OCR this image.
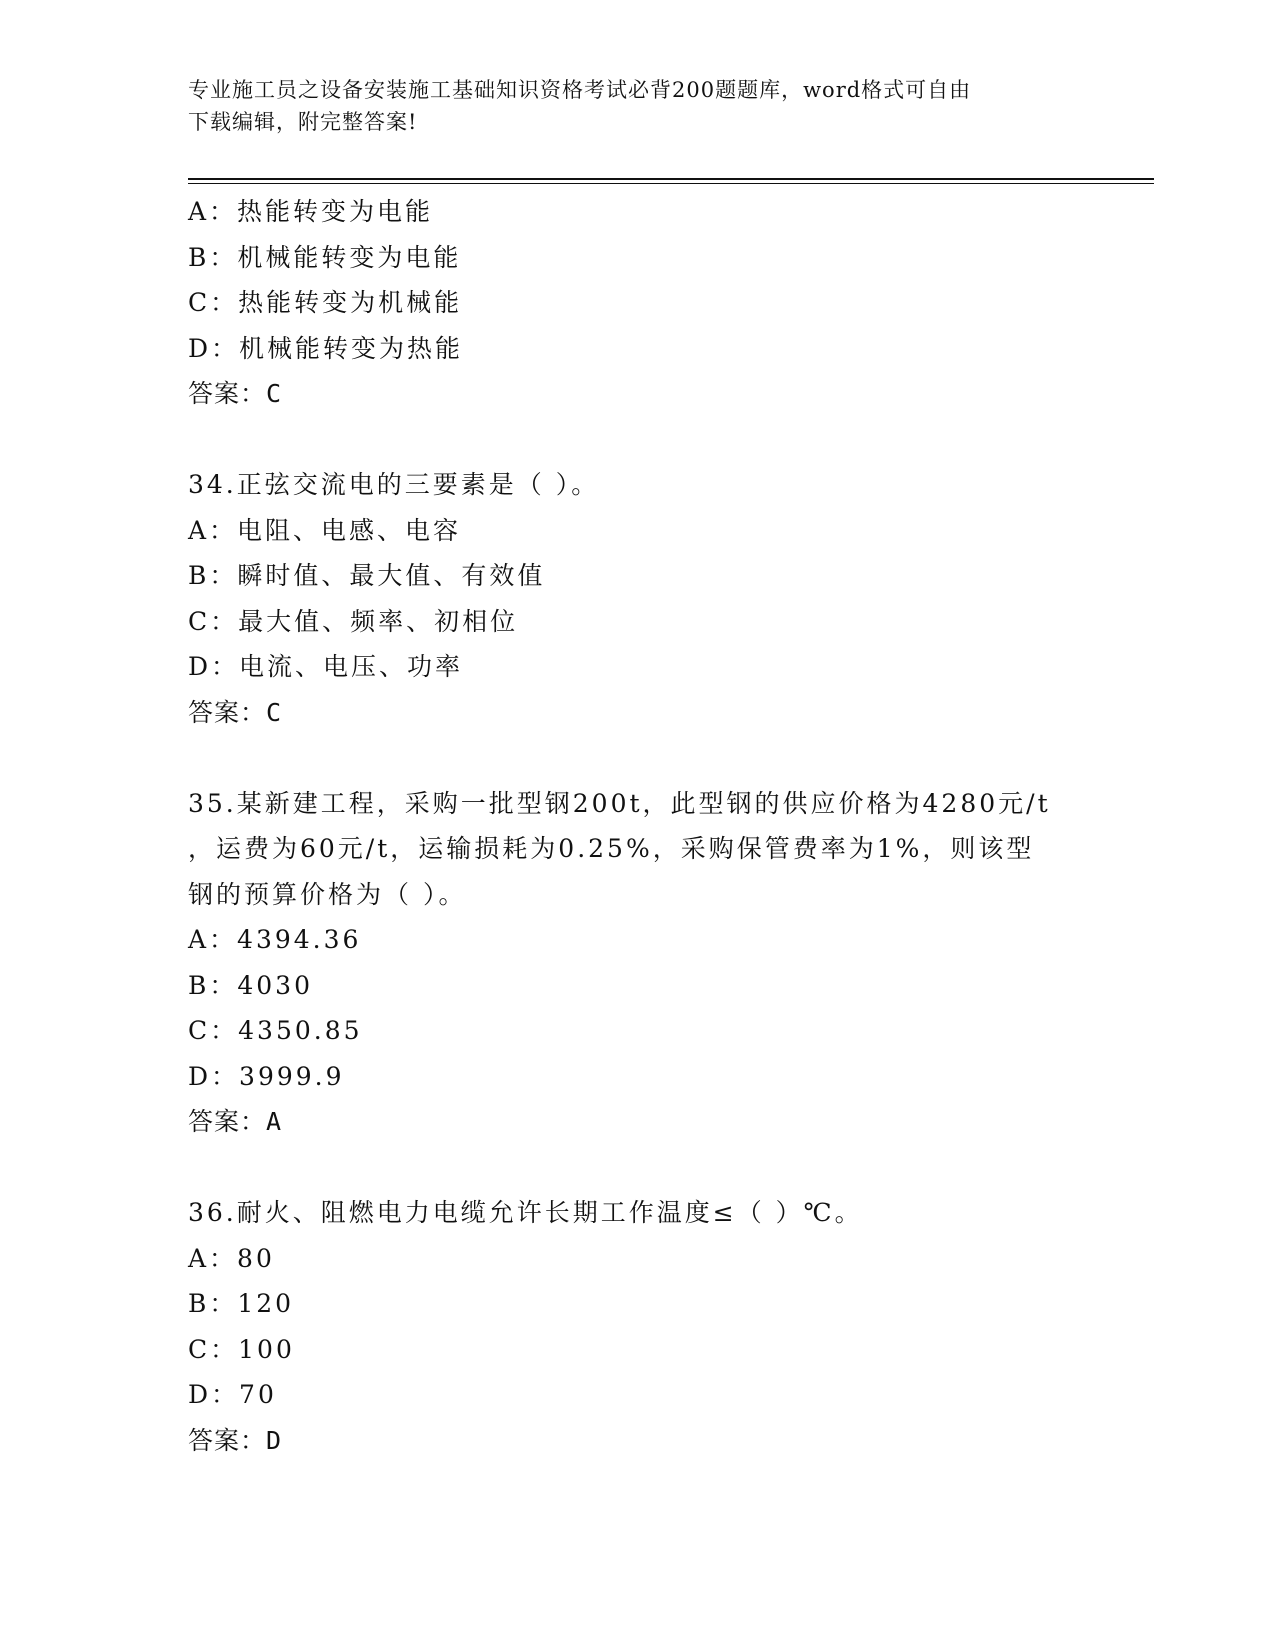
专业施工员之设备安装施工基础知识资格考试必背200题题库，word格式可自由
下载编辑，附完整答案!
A：热能转变为电能
B：机械能转变为电能
C：热能转变为机械能
D：机械能转变为热能
答案：C
34.正弦交流电的三要素是（ ）。
A：电阻、电感、电容
B：瞬时值、最大值、有效值
C：最大值、频率、初相位
D：电流、电压、功率
答案：C
35.某新建工程，采购一批型钢200t，此型钢的供应价格为4280元/t
，运费为60元/t，运输损耗为0.25%，采购保管费率为1%，则该型
钢的预算价格为（ ）。
A：4394.36
B：4030
C：4350.85
D：3999.9
答案：A
36.耐火、阻燃电力电缆允许长期工作温度≤（ ）℃。
A：80
B：120
C：100
D：70
答案：D
